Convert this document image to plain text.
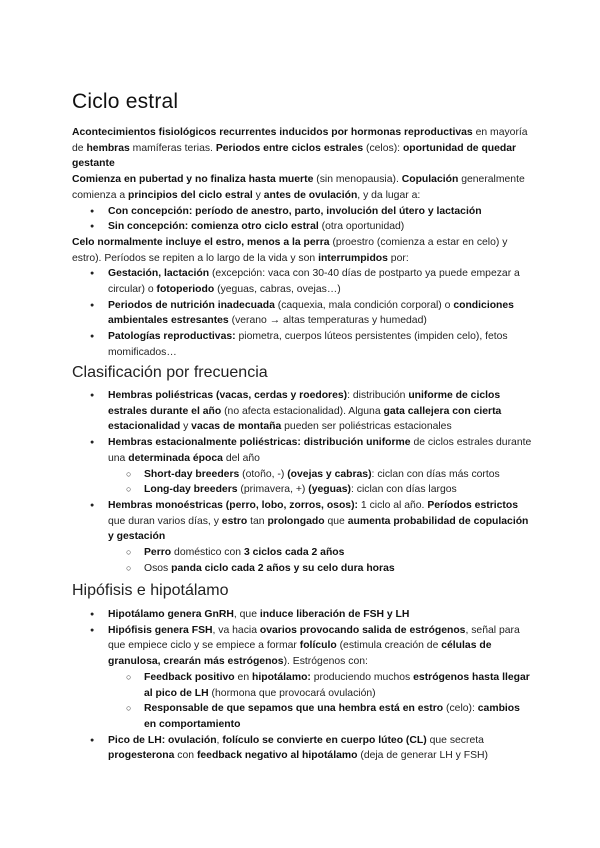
Ciclo estral

Acontecimientos fisiológicos recurrentes inducidos por hormonas reproductivas en mayoría de hembras mamíferas terias. Periodos entre ciclos estrales (celos): oportunidad de quedar gestante

Comienza en pubertad y no finaliza hasta muerte (sin menopausia). Copulación generalmente comienza a principios del ciclo estral y antes de ovulación, y da lugar a:

● Con concepción: período de anestro, parto, involución del útero y lactación
● Sin concepción: comienza otro ciclo estral (otra oportunidad)

Celo normalmente incluye el estro, menos a la perra (proestro (comienza a estar en celo) y estro). Períodos se repiten a lo largo de la vida y son interrumpidos por:

● Gestación, lactación (excepción: vaca con 30-40 días de postparto ya puede empezar a circular) o fotoperiodo (yeguas, cabras, ovejas…)
● Periodos de nutrición inadecuada (caquexia, mala condición corporal) o condiciones ambientales estresantes (verano → altas temperaturas y humedad)
● Patologías reproductivas: piometra, cuerpos lúteos persistentes (impiden celo), fetos momificados…
Clasificación por frecuencia
● Hembras poliéstricas (vacas, cerdas y roedores): distribución uniforme de ciclos estrales durante el año (no afecta estacionalidad). Alguna gata callejera con cierta estacionalidad y vacas de montaña pueden ser poliéstricas estacionales
● Hembras estacionalmente poliéstricas: distribución uniforme de ciclos estrales durante una determinada época del año
○ Short-day breeders (otoño, -) (ovejas y cabras): ciclan con días más cortos
○ Long-day breeders (primavera, +) (yeguas): ciclan con días largos
● Hembras monoéstricas (perro, lobo, zorros, osos): 1 ciclo al año. Períodos estrictos que duran varios días, y estro tan prolongado que aumenta probabilidad de copulación y gestación
○ Perro doméstico con 3 ciclos cada 2 años
○ Osos panda ciclo cada 2 años y su celo dura horas
Hipófisis e hipotálamo
● Hipotálamo genera GnRH, que induce liberación de FSH y LH
● Hipófisis genera FSH, va hacia ovarios provocando salida de estrógenos, señal para que empiece ciclo y se empiece a formar folículo (estimula creación de células de granulosa, crearán más estrógenos). Estrógenos con:
○ Feedback positivo en hipotálamo: produciendo muchos estrógenos hasta llegar al pico de LH (hormona que provocará ovulación)
○ Responsable de que sepamos que una hembra está en estro (celo): cambios en comportamiento
● Pico de LH: ovulación, folículo se convierte en cuerpo lúteo (CL) que secreta progesterona con feedback negativo al hipotálamo (deja de generar LH y FSH)
